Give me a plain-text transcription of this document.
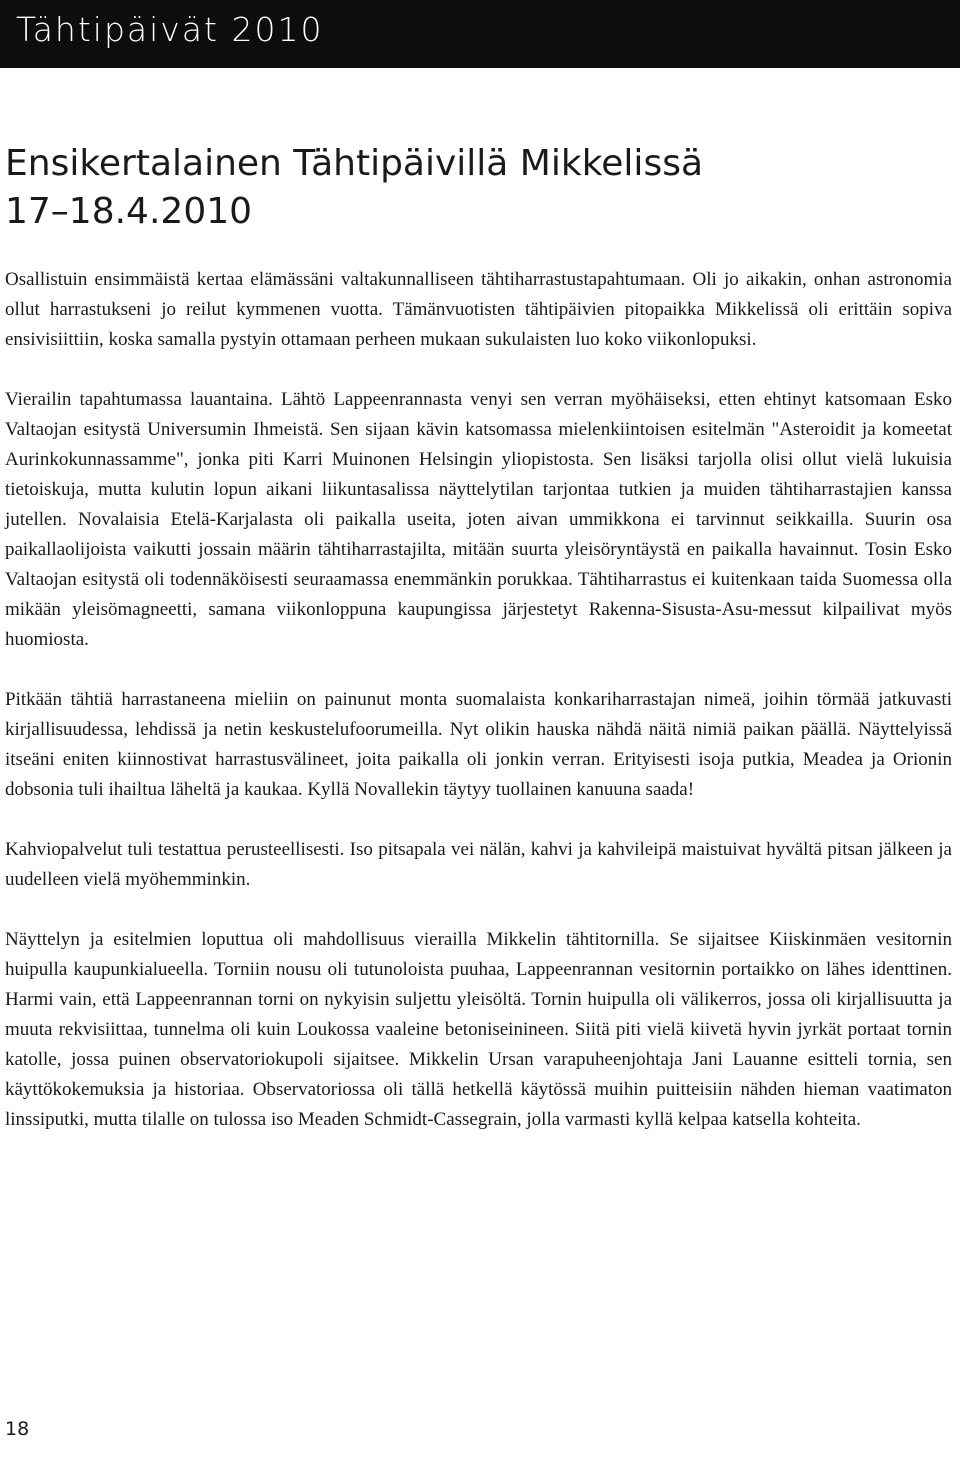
Tähtipäivät 2010
Ensikertalainen Tähtipäivillä Mikkelissä
17–18.4.2010

Osallistuin ensimmäistä kertaa elämässäni valtakunnalliseen tähtiharrastustapahtumaan. Oli jo aikakin, onhan astronomia ollut harrastukseni jo reilut kymmenen vuotta. Tämänvuotisten tähtipäivien pitopaikka Mikkelissä oli erittäin sopiva ensivisiittiin, koska samalla pystyin ottamaan perheen mukaan sukulaisten luo koko viikonlopuksi.

Vierailin tapahtumassa lauantaina. Lähtö Lappeenrannasta venyi sen verran myöhäiseksi, etten ehtinyt katsomaan Esko Valtaojan esitystä Universumin Ihmeistä. Sen sijaan kävin katsomassa mielenkiintoisen esitelmän "Asteroidit ja komeetat Aurinkokunnassamme", jonka piti Karri Muinonen Helsingin yliopistosta. Sen lisäksi tarjolla olisi ollut vielä lukuisia tietoiskuja, mutta kulutin lopun aikani liikuntasalissa näyttelytilan tarjontaa tutkien ja muiden tähtiharrastajien kanssa jutellen. Novalaisia Etelä-Karjalasta oli paikalla useita, joten aivan ummikkona ei tarvinnut seikkailla. Suurin osa paikallaolijoista vaikutti jossain määrin tähtiharrastajilta, mitään suurta yleisöryntäystä en paikalla havainnut. Tosin Esko Valtaojan esitystä oli todennäköisesti seuraamassa enemmänkin porukkaa. Tähtiharrastus ei kuitenkaan taida Suomessa olla mikään yleisömagneetti, samana viikonloppuna kaupungissa järjestetyt Rakenna-Sisusta-Asu-messut kilpailivat myös huomiosta.

Pitkään tähtiä harrastaneena mieliin on painunut monta suomalaista konkariharrastajan nimeä, joihin törmää jatkuvasti kirjallisuudessa, lehdissä ja netin keskustelufoorumeilla. Nyt olikin hauska nähdä näitä nimiä paikan päällä. Näyttelyissä itseäni eniten kiinnostivat harrastusvälineet, joita paikalla oli jonkin verran. Erityisesti isoja putkia, Meadea ja Orionin dobsonia tuli ihailtua läheltä ja kaukaa. Kyllä Novallekin täytyy tuollainen kanuuna saada!

Kahviopalvelut tuli testattua perusteellisesti. Iso pitsapala vei nälän, kahvi ja kahvileipä maistuivat hyvältä pitsan jälkeen ja uudelleen vielä myöhemminkin.

Näyttelyn ja esitelmien loputtua oli mahdollisuus vierailla Mikkelin tähtitornilla. Se sijaitsee Kiiskinmäen vesitornin huipulla kaupunkialueella. Torniin nousu oli tutunoloista puuhaa, Lappeenrannan vesitornin portaikko on lähes identtinen. Harmi vain, että Lappeenrannan torni on nykyisin suljettu yleisöltä. Tornin huipulla oli välikerros, jossa oli kirjallisuutta ja muuta rekvisiittaa, tunnelma oli kuin Loukossa vaaleine betoniseinineen. Siitä piti vielä kiivetä hyvin jyrkät portaat tornin katolle, jossa puinen observatoriokupoli sijaitsee. Mikkelin Ursan varapuheenjohtaja Jani Lauanne esitteli tornia, sen käyttökokemuksia ja historiaa. Observatoriossa oli tällä hetkellä käytössä muihin puitteisiin nähden hieman vaatimaton linssiputki, mutta tilalle on tulossa iso Meaden Schmidt-Cassegrain, jolla varmasti kyllä kelpaa katsella kohteita.

18
